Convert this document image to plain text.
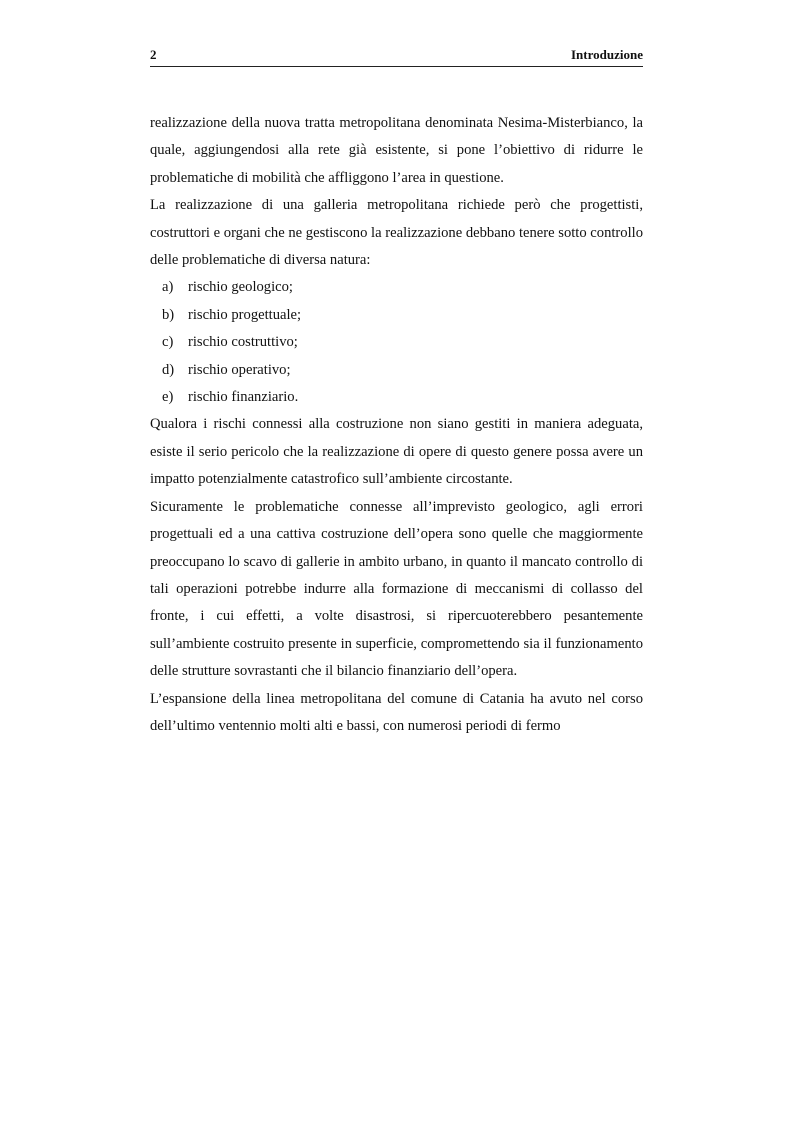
2	Introduzione

realizzazione della nuova tratta metropolitana denominata Nesima-Misterbianco, la quale, aggiungendosi alla rete già esistente, si pone l’obiettivo di ridurre le problematiche di mobilità che affliggono l’area in questione.

La realizzazione di una galleria metropolitana richiede però che progettisti, costruttori e organi che ne gestiscono la realizzazione debbano tenere sotto controllo delle problematiche di diversa natura:

a) rischio geologico;
b) rischio progettuale;
c) rischio costruttivo;
d) rischio operativo;
e) rischio finanziario.

Qualora i rischi connessi alla costruzione non siano gestiti in maniera adeguata, esiste il serio pericolo che la realizzazione di opere di questo genere possa avere un impatto potenzialmente catastrofico sull’ambiente circostante.

Sicuramente le problematiche connesse all’imprevisto geologico, agli errori progettuali ed a una cattiva costruzione dell’opera sono quelle che maggiormente preoccupano lo scavo di gallerie in ambito urbano, in quanto il mancato controllo di tali operazioni potrebbe indurre alla formazione di meccanismi di collasso del fronte, i cui effetti, a volte disastrosi, si ripercuoterebbero pesantemente sull’ambiente costruito presente in superficie, compromettendo sia il funzionamento delle strutture sovrastanti che il bilancio finanziario dell’opera.

L’espansione della linea metropolitana del comune di Catania ha avuto nel corso dell’ultimo ventennio molti alti e bassi, con numerosi periodi di fermo
